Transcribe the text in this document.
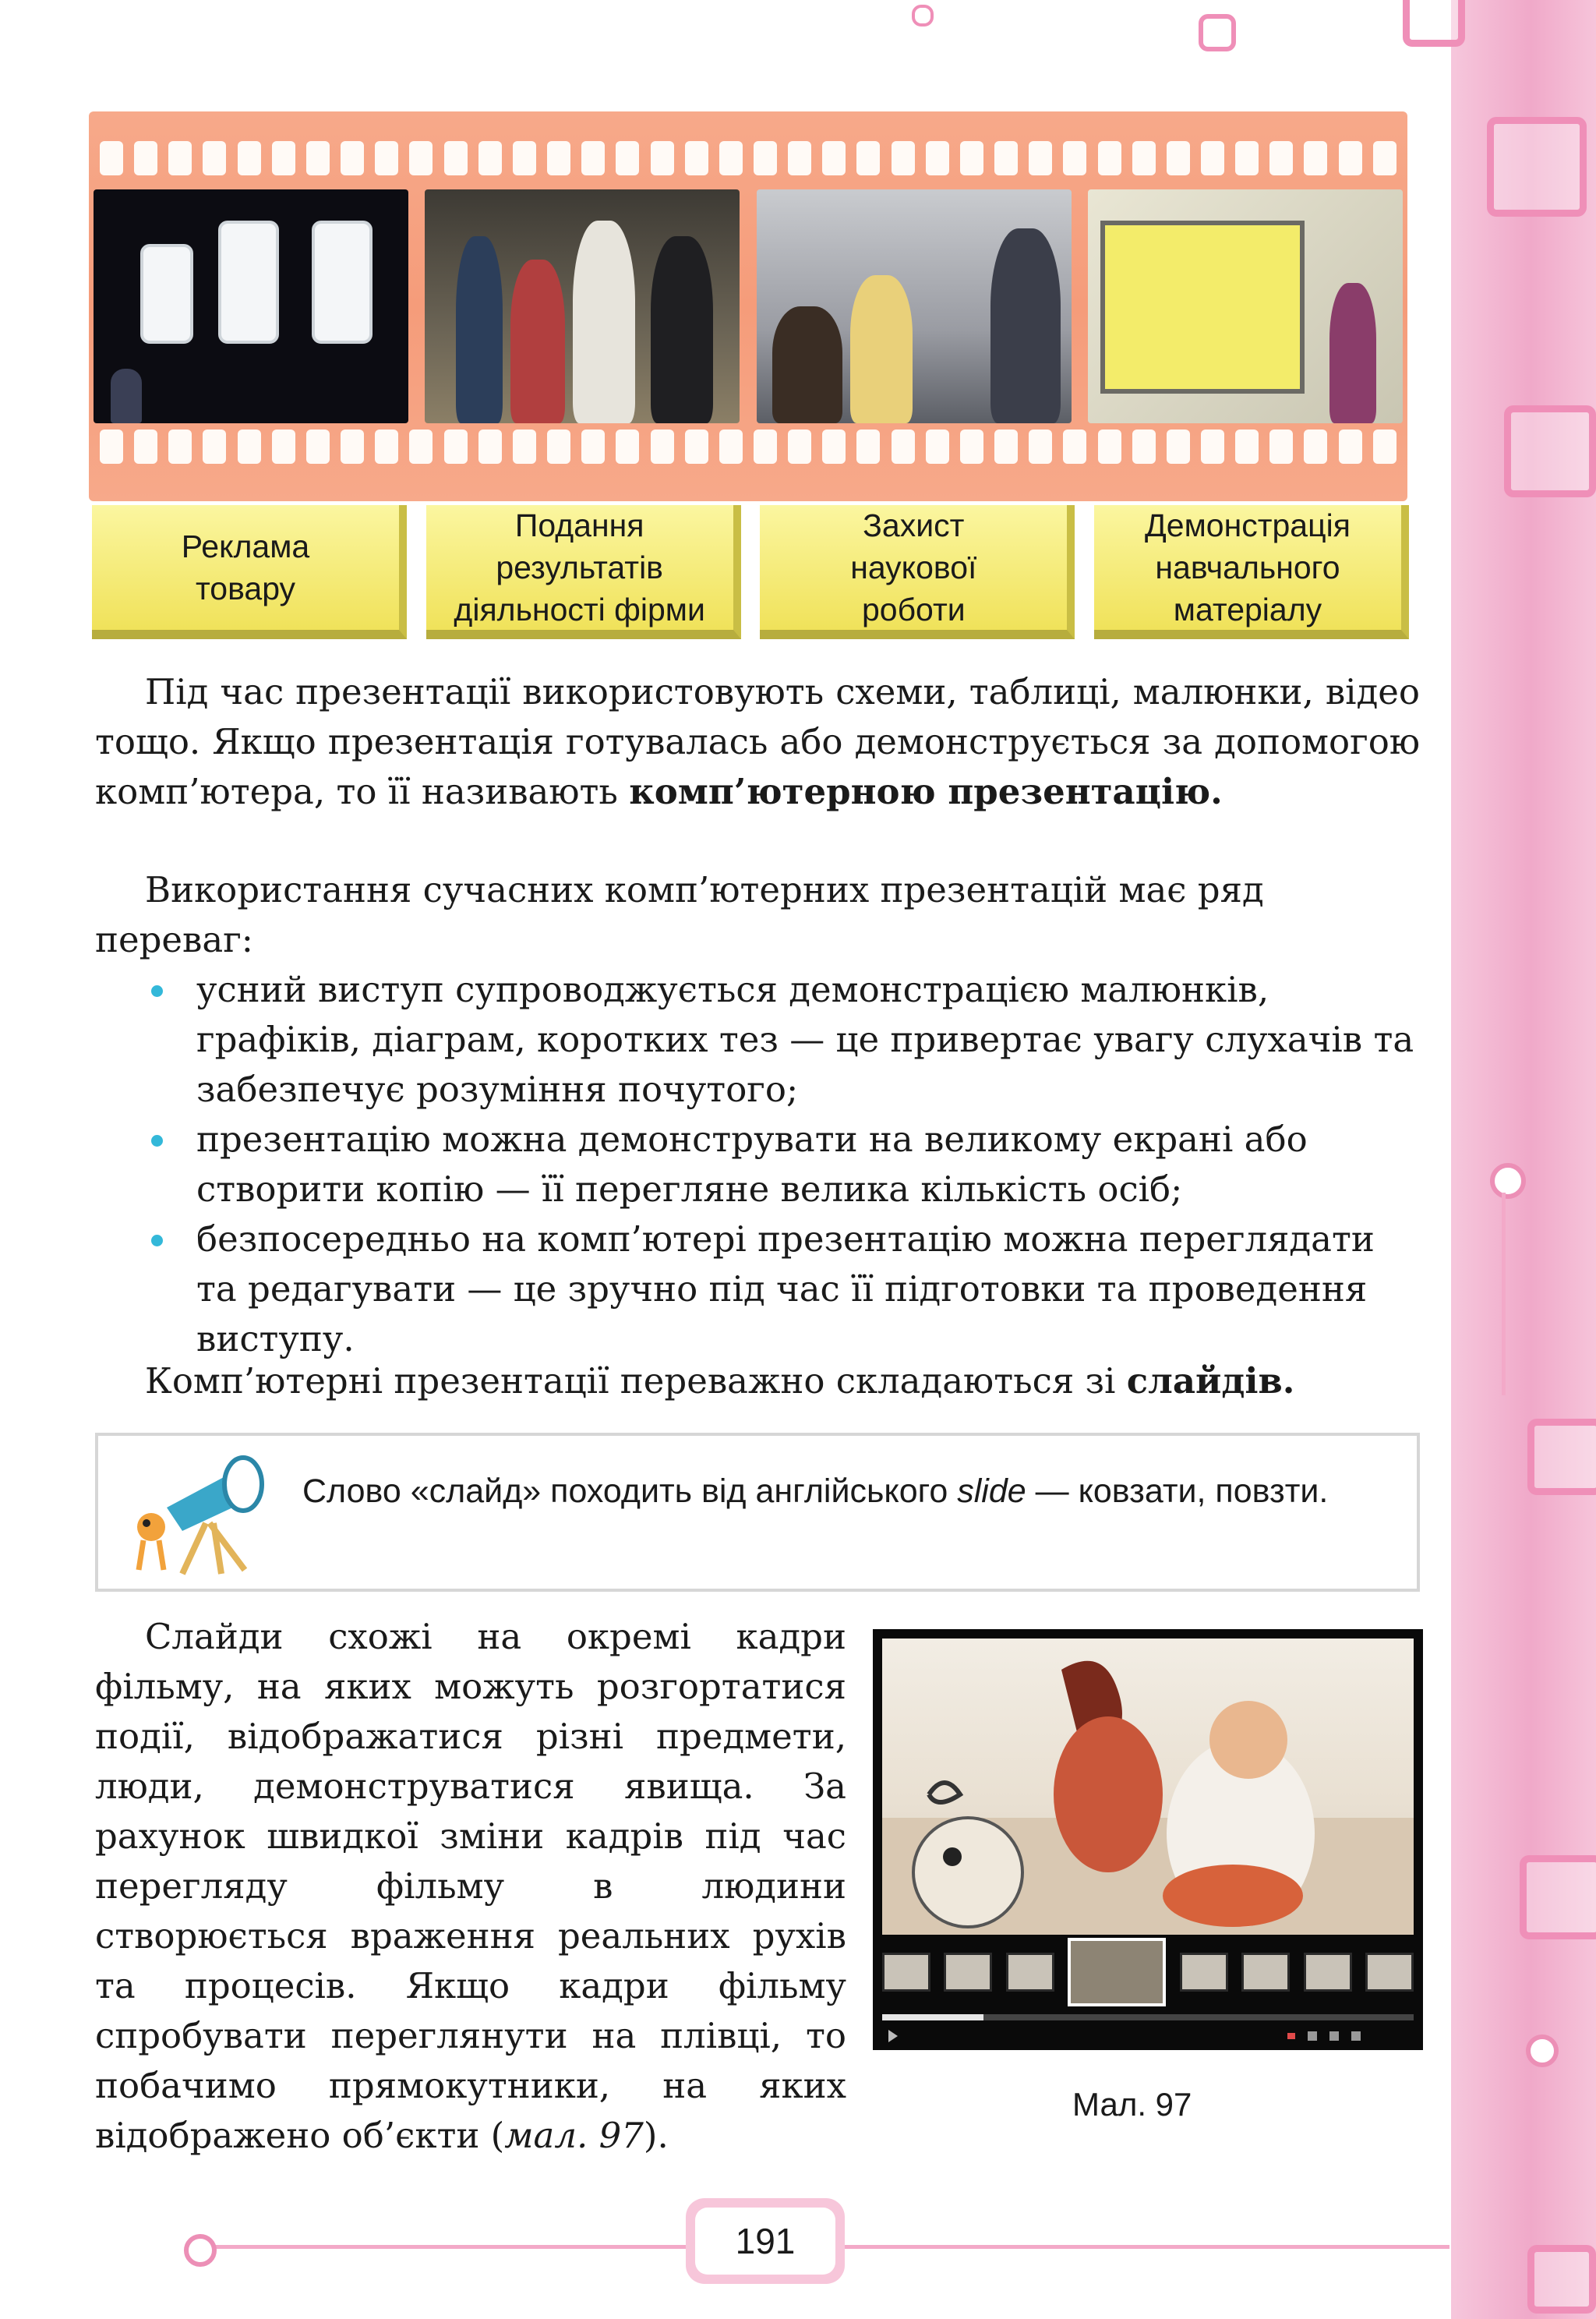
Реклама
товару
Подання
результатів
діяльності фірми
Захист
наукової
роботи
Демонстрація
навчального
матеріалу

Під час презентації використовують схеми, таблиці, малюнки, відео тощо. Якщо презентація готувалась або демонструється за допомогою комп’ютера, то її називають комп’ютерною презентацію.

Використання сучасних комп’ютерних презентацій має ряд переваг:

усний виступ супроводжується демонстрацією малюнків, графіків, діаграм, коротких тез — це привертає увагу слухачів та забезпечує розуміння почутого;
презентацію можна демонструвати на великому екрані або створити копію — її перегляне велика кількість осіб;
безпосередньо на комп’ютері презентацію можна переглядати та редагувати — це зручно під час її підготовки та проведення виступу.

Комп’ютерні презентації переважно складаються зі слайдів.

Слово «слайд» походить від англійського slide — ковзати, повзти.

Слайди схожі на окремі кадри фільму, на яких можуть розгортатися події, відображатися різні предмети, люди, демонструватися явища. За рахунок швидкої зміни кадрів під час перегляду фільму в людини створюється враження реальних рухів та процесів. Якщо кадри фільму спробувати переглянути на плівці, то побачимо прямокутники, на яких відображено об’єкти (мал. 97).

Мал. 97
191
